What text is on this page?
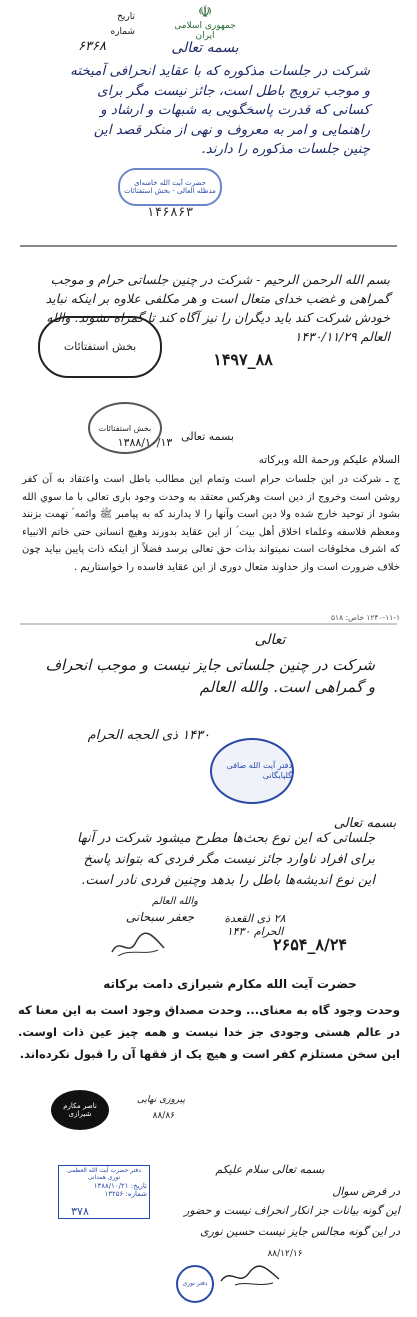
☫
جمهوری اسلامی ایران
تاریخ
شماره
۶۳۶۸	بسمه تعالی
شرکت در جلسات مذکوره که با عقاید انحرافی آمیخته و موجب ترویج باطل است، جائز نیست مگر برای کسانی که قدرت پاسخگویی به شبهات و ارشاد و راهنمایی و امر به معروف و نهی از منکر قصد این چنین جلسات مذکوره را دارند.
حضرت آیت الله خامنه‌ای مدظله العالی - بخش استفتائات
۱۴۶۸۶۳
بسم الله الرحمن الرحیم - شرکت در چنین جلساتی حرام و موجب گمراهی و غضب خدای متعال است و هر مکلفی علاوه بر اینکه نباید خودش شرکت کند باید دیگران را نیز آگاه کند تا گمراه نشوند. والله العالم ۱۴۳۰/۱۱/۲۹
بخش استفتائات
۸۸_۱۴۹۷
بخش استفتائات
۱۳۸۸/۱۰/۱۳ بسمه تعالی
السلام علیکم ورحمة الله وبركاته
ج ـ شرکت در این جلسات حرام است وتمام این مطالب باطل است واعتقاد به آن کفر روشن است وخروج از دین است وهرکس معتقد به وحدت وجود باری تعالی با ما سوي الله بشود از توحيد خارج شده ولا دين است وآنها را لا يدارند كه به پیامبر ﷺ وائمه ؑ تهمت بزنند ومعظم فلاسفه وعلماء اخلاق أهل بيت ؑ از اين عقايد بدورند وهيچ انسانى حتى خاتم الانبياء كه اشرف مخلوقات است نميتواند بذات حق تعالى برسد فضلاً از اينكه ذات پايين بيايد چون خلاف ضرورت است واز حداوند متعال دورى از اين عقايد فاسده را خواستاريم .
۱۲۴۰-۱۱-۱ خاص: ۵۱۸
تعالی
شرکت در چنین جلساتی جایز نیست و موجب انحراف و گمراهی است. والله العالم
۱۴۳۰ ذی الحجه الحرام
دفتر آیت الله صافی گلپایگانی
بسمه تعالی
جلساتی که این نوع بحث‌ها مطرح میشود شرکت در آنها برای افراد ناوارد جائز نیست مگر فردی که بتواند پاسخ این نوع اندیشه‌ها باطل را بدهد وچنین فردی نادر است.
والله العالم
جعفر سبحانی	۲۸ ذی القعدة الحرام ۱۴۳۰
۸/۲۴_۲۶۵۴
حضرت آیت الله مکارم شیرازی دامت برکاته
وحدت وجود گاه به معنای... وحدت مصداق وجود است به این معنا که در عالم هستی وجودی جز خدا نیست و همه چیز عین ذات اوست. این سخن مستلزم کفر است و هیچ یک از فقها آن را قبول نکرده‌اند.
ناصر مکارم شیرازی
پیروزی نهایی
۸۸/۸۶
بسمه تعالی سلام علیکم
در فرض سوال
این گونه بیانات جز انکار انحراف نیست و حضور
در این گونه مجالس جایز نیست حسین نوری
۸۸/۱۲/۱۶
دفتر حضرت آیت الله العظمی نوری همدانی
تاریخ: ۱۳۸۸/۱۰/۲۱
شماره: ۱۳۲۵۶
۳۷۸
دفتر نوری
